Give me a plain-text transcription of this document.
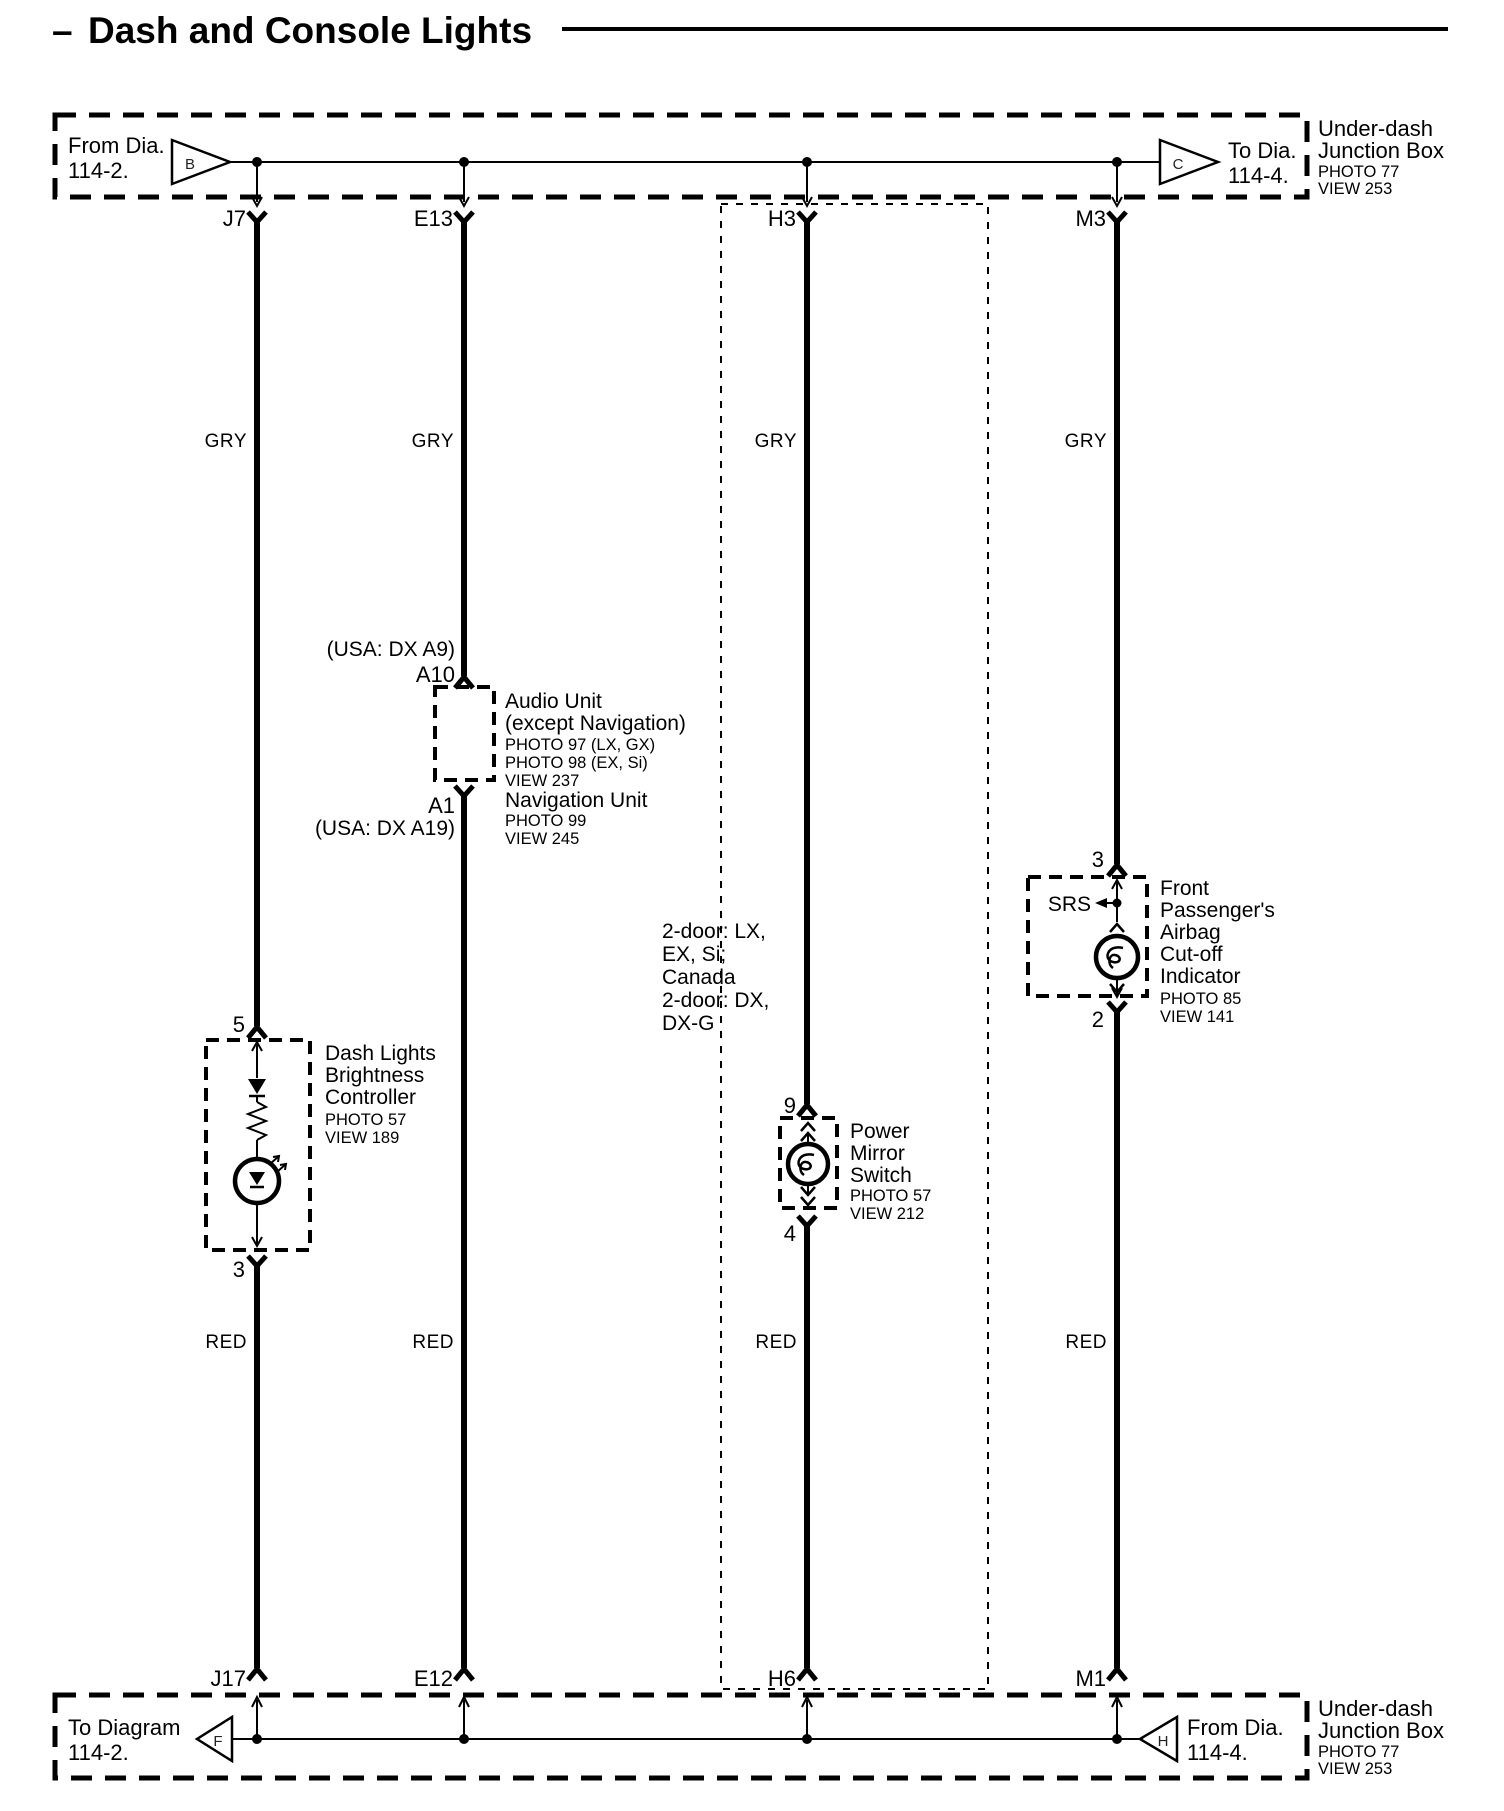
– Dash and Console Lights
From Dia.
114-2.	B	C
To Dia.
114-4.
Under-dash
Junction Box
PHOTO 77
VIEW 253
J7
GRY
RED
J17
E13
GRY
RED
E12
H3
GRY
RED
H6
M3
GRY
RED
M1
(USA: DX A9)
A10
A1
(USA: DX A19)
Audio Unit
(except Navigation)
PHOTO 97 (LX, GX)
PHOTO 98 (EX, Si)
VIEW 237
Navigation Unit
PHOTO 99
VIEW 245
2-door: LX,
EX, Si;
Canada
2-door: DX,
DX-G
3
SRS
2
Front
Passenger's
Airbag
Cut-off
Indicator
PHOTO 85
VIEW 141
5
3
Dash Lights
Brightness
Controller
PHOTO 57
VIEW 189
9
4
Power
Mirror
Switch
PHOTO 57
VIEW 212
To Diagram
114-2.	F	H
From Dia.
114-4.
Under-dash
Junction Box
PHOTO 77
VIEW 253
